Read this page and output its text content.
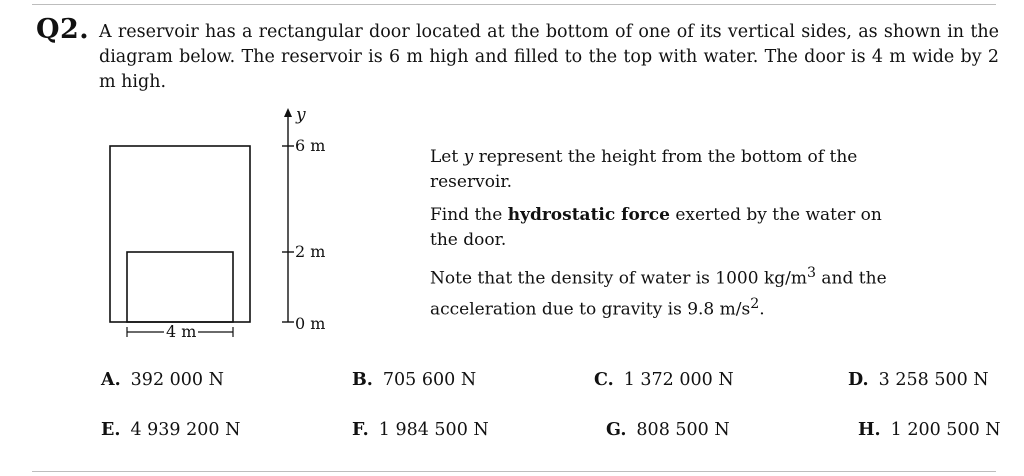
Q2. A reservoir has a rectangular door located at the bottom of one of its vertical sides, as shown in the diagram below. The reservoir is 6 m high and filled to the top with water. The door is 4 m wide by 2 m high.
y
6 m
2 m
0 m
4 m
Let y represent the height from the bottom of the reservoir.
Find the hydrostatic force exerted by the water on the door.
Note that the density of water is 1000 $kg/m^3$ and the acceleration due to gravity is 9.8 $m/s^2$.
A. 392 000 N	B. 705 600 N	C. 1 372 000 N	D. 3 258 500 N
E. 4 939 200 N	F. 1 984 500 N	G. 808 500 N	H. 1 200 500 N
